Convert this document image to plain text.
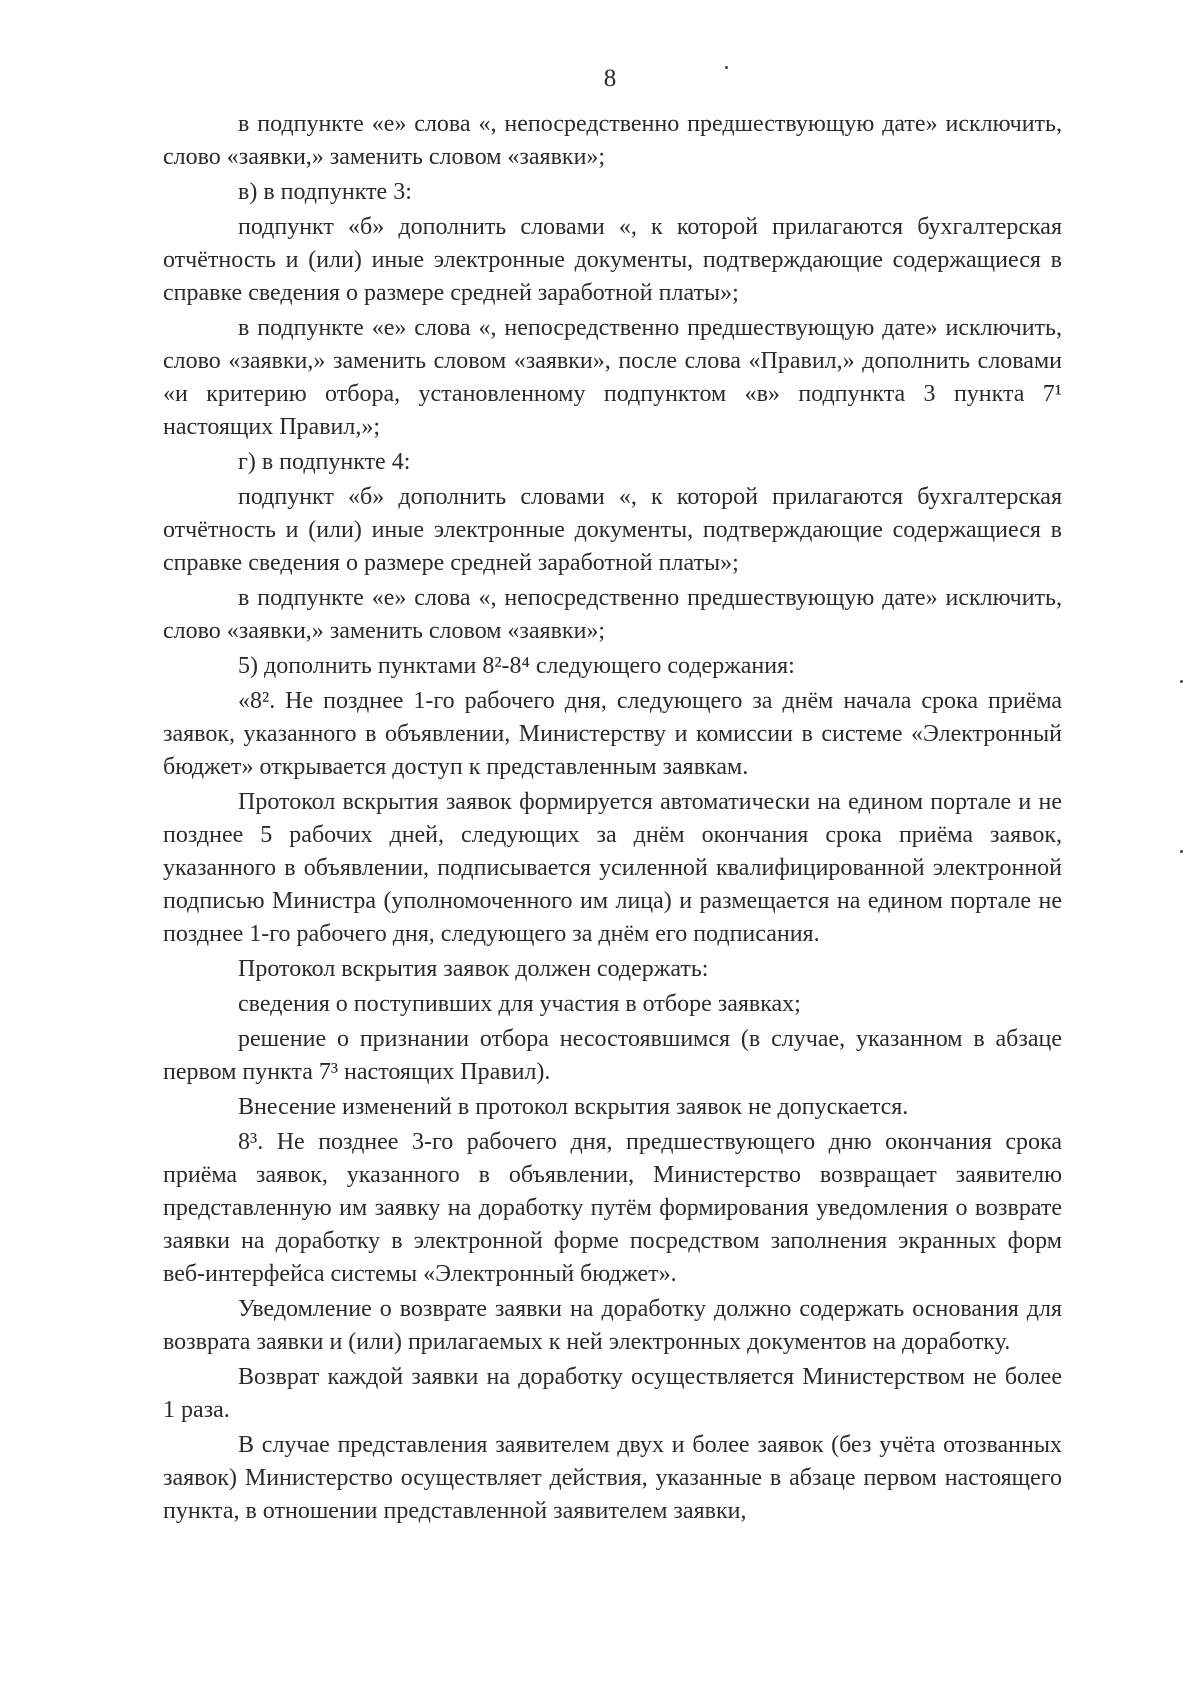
8

в подпункте «е» слова «, непосредственно предшествующую дате» исключить, слово «заявки,» заменить словом «заявки»;

в) в подпункте 3:

подпункт «б» дополнить словами «, к которой прилагаются бухгалтерская отчётность и (или) иные электронные документы, подтверждающие содержащиеся в справке сведения о размере средней заработной платы»;

в подпункте «е» слова «, непосредственно предшествующую дате» исключить, слово «заявки,» заменить словом «заявки», после слова «Правил,» дополнить словами «и критерию отбора, установленному подпунктом «в» подпункта 3 пункта 7¹ настоящих Правил,»;

г) в подпункте 4:

подпункт «б» дополнить словами «, к которой прилагаются бухгалтерская отчётность и (или) иные электронные документы, подтверждающие содержащиеся в справке сведения о размере средней заработной платы»;

в подпункте «е» слова «, непосредственно предшествующую дате» исключить, слово «заявки,» заменить словом «заявки»;

5) дополнить пунктами 8²-8⁴ следующего содержания:

«8². Не позднее 1-го рабочего дня, следующего за днём начала срока приёма заявок, указанного в объявлении, Министерству и комиссии в системе «Электронный бюджет» открывается доступ к представленным заявкам.

Протокол вскрытия заявок формируется автоматически на едином портале и не позднее 5 рабочих дней, следующих за днём окончания срока приёма заявок, указанного в объявлении, подписывается усиленной квалифицированной электронной подписью Министра (уполномоченного им лица) и размещается на едином портале не позднее 1-го рабочего дня, следующего за днём его подписания.

Протокол вскрытия заявок должен содержать:

сведения о поступивших для участия в отборе заявках;

решение о признании отбора несостоявшимся (в случае, указанном в абзаце первом пункта 7³ настоящих Правил).

Внесение изменений в протокол вскрытия заявок не допускается.

8³. Не позднее 3-го рабочего дня, предшествующего дню окончания срока приёма заявок, указанного в объявлении, Министерство возвращает заявителю представленную им заявку на доработку путём формирования уведомления о возврате заявки на доработку в электронной форме посредством заполнения экранных форм веб-интерфейса системы «Электронный бюджет».

Уведомление о возврате заявки на доработку должно содержать основания для возврата заявки и (или) прилагаемых к ней электронных документов на доработку.

Возврат каждой заявки на доработку осуществляется Министерством не более 1 раза.

В случае представления заявителем двух и более заявок (без учёта отозванных заявок) Министерство осуществляет действия, указанные в абзаце первом настоящего пункта, в отношении представленной заявителем заявки,
